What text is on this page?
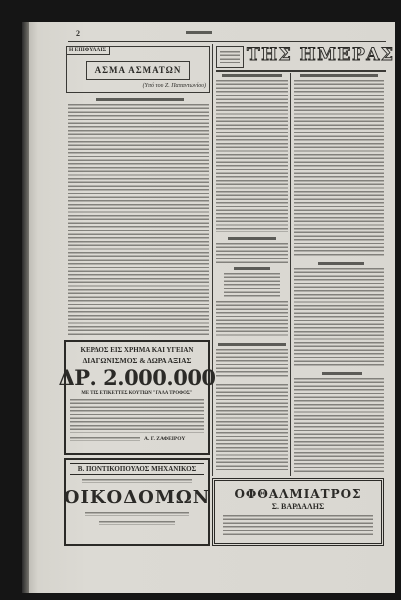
2
Η ΕΠΙΦΥΛΛΙΣ
ΑΣΜΑ ΑΣΜΑΤΩΝ
(Υπό του Ζ. Παπαντωνίου)
ΤΗΣ ΗΜΕΡΑΣ
ΚΕΡΔΟΣ ΕΙΣ ΧΡΗΜΑ ΚΑΙ ΥΓΕΙΑΝ
ΔΙΑΓΩΝΙΣΜΟΣ & ΔΩΡΑ ΑΞΙΑΣ
ΔΡ. 2.000.000
ΜΕ ΤΙΣ ΕΤΙΚΕΤΤΕΣ ΚΟΥΤΙΩΝ "ΓΑΛΑ ΤΡΟΦΟΣ"
Α. Γ. ΖΑΦΕΙΡΟΥ
Β. ΠΟΝΤΙΚΟΠΟΥΛΟΣ ΜΗΧΑΝΙΚΟΣ
ΟΙΚΟΔΟΜΩΝ ΟΦΘΑΛΜΙΑΤΡΟΣ
Σ. ΒΑΡΔΑΛΗΣ
